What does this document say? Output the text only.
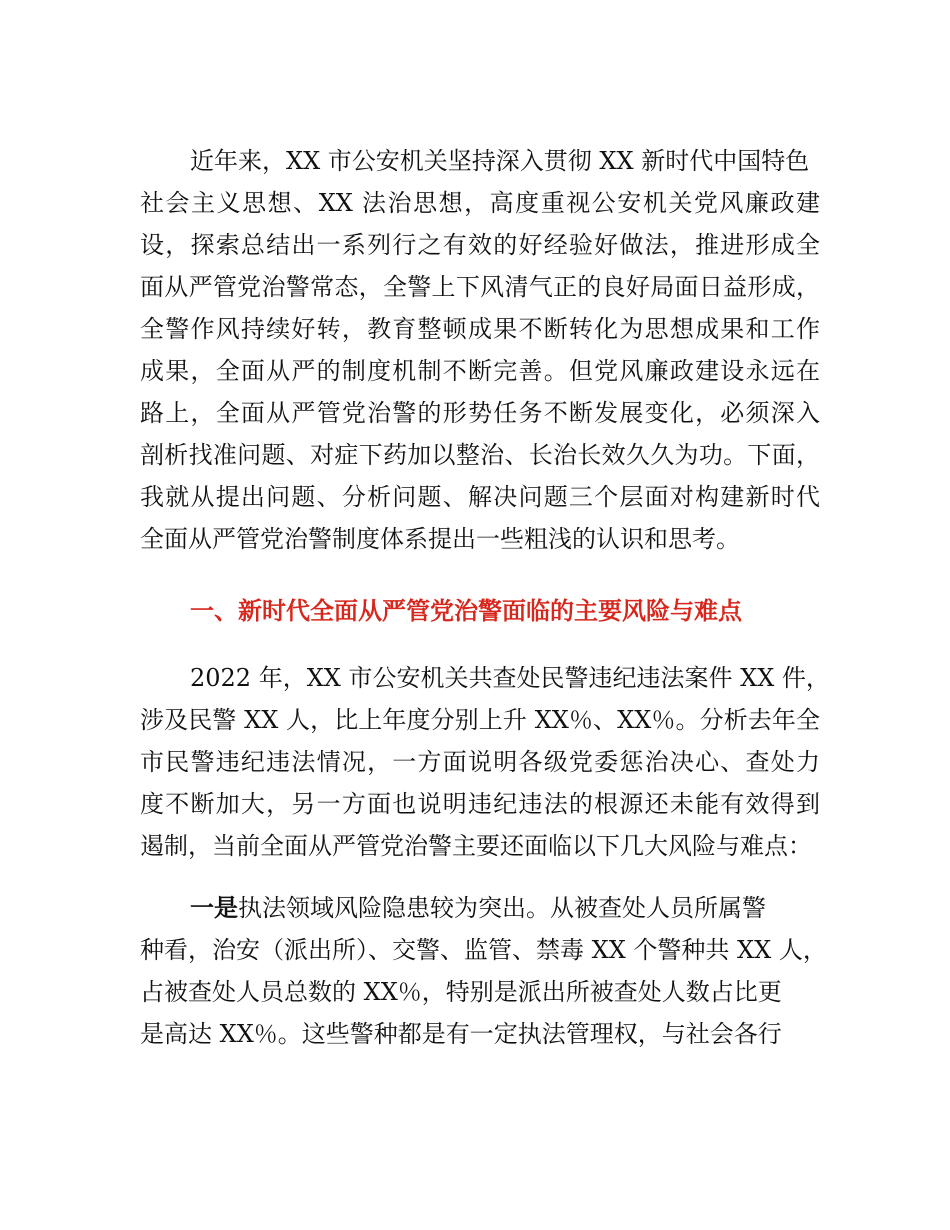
近年来，XX 市公安机关坚持深入贯彻 XX 新时代中国特色
社会主义思想、XX 法治思想，高度重视公安机关党风廉政建
设，探索总结出一系列行之有效的好经验好做法，推进形成全
面从严管党治警常态，全警上下风清气正的良好局面日益形成，
全警作风持续好转，教育整顿成果不断转化为思想成果和工作
成果，全面从严的制度机制不断完善。但党风廉政建设永远在
路上，全面从严管党治警的形势任务不断发展变化，必须深入
剖析找准问题、对症下药加以整治、长治长效久久为功。下面，
我就从提出问题、分析问题、解决问题三个层面对构建新时代
全面从严管党治警制度体系提出一些粗浅的认识和思考。
一、新时代全面从严管党治警面临的主要风险与难点
2022 年，XX 市公安机关共查处民警违纪违法案件 XX 件，
涉及民警 XX 人，比上年度分别上升 XX％、XX％。分析去年全
市民警违纪违法情况，一方面说明各级党委惩治决心、查处力
度不断加大，另一方面也说明违纪违法的根源还未能有效得到
遏制，当前全面从严管党治警主要还面临以下几大风险与难点：
一是执法领域风险隐患较为突出。从被查处人员所属警
种看，治安（派出所）、交警、监管、禁毒 XX 个警种共 XX 人，
占被查处人员总数的 XX％，特别是派出所被查处人数占比更
是高达 XX％。这些警种都是有一定执法管理权，与社会各行
